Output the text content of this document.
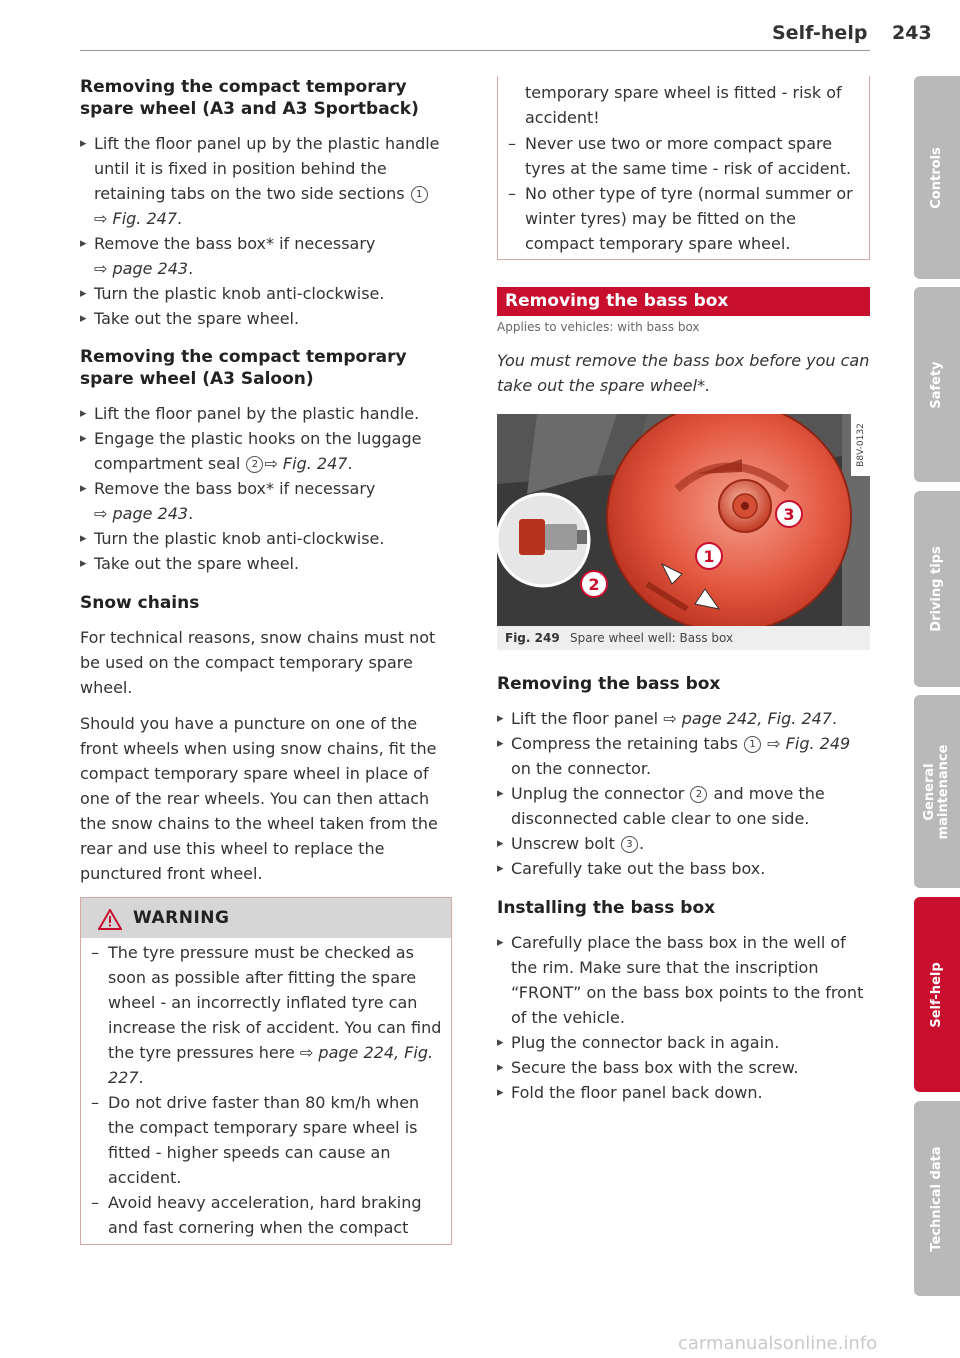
Self-help 243
Removing the compact temporary spare wheel (A3 and A3 Sportback)
▸ Lift the floor panel up by the plastic handle until it is fixed in position behind the retaining tabs on the two side sections 1
⇨ Fig. 247.
▸ Remove the bass box* if necessary
⇨ page 243.
▸ Turn the plastic knob anti-clockwise.
▸ Take out the spare wheel.
Removing the compact temporary spare wheel (A3 Saloon)
▸ Lift the floor panel by the plastic handle.
▸ Engage the plastic hooks on the luggage compartment seal 2 ⇨ Fig. 247.
▸ Remove the bass box* if necessary
⇨ page 243.
▸ Turn the plastic knob anti-clockwise.
▸ Take out the spare wheel.
Snow chains

For technical reasons, snow chains must not be used on the compact temporary spare wheel.

Should you have a puncture on one of the front wheels when using snow chains, fit the compact temporary spare wheel in place of one of the rear wheels. You can then attach the snow chains to the wheel taken from the rear and use this wheel to replace the punctured front wheel.

WARNING
– The tyre pressure must be checked as soon as possible after fitting the spare wheel - an incorrectly inflated tyre can increase the risk of accident. You can find the tyre pressures here ⇨ page 224, Fig. 227.
– Do not drive faster than 80 km/h when the compact temporary spare wheel is fitted - higher speeds can cause an accident.
– Avoid heavy acceleration, hard braking and fast cornering when the compact

temporary spare wheel is fitted - risk of accident!

– Never use two or more compact spare tyres at the same time - risk of accident.
– No other type of tyre (normal summer or winter tyres) may be fitted on the compact temporary spare wheel.
Removing the bass box
Applies to vehicles: with bass box

You must remove the bass box before you can take out the spare wheel*.

3
1
2
B8V-0132
Fig. 249 Spare wheel well: Bass box
Removing the bass box
▸ Lift the floor panel ⇨ page 242, Fig. 247.
▸ Compress the retaining tabs 1 ⇨ Fig. 249 on the connector.
▸ Unplug the connector 2 and move the disconnected cable clear to one side.
▸ Unscrew bolt 3 .
▸ Carefully take out the bass box.
Installing the bass box
▸ Carefully place the bass box in the well of the rim. Make sure that the inscription “FRONT” on the bass box points to the front of the vehicle.
▸ Plug the connector back in again.
▸ Secure the bass box with the screw.
▸ Fold the floor panel back down.
Controls
Safety
Driving tips
General maintenance
Self-help
Technical data
carmanualsonline.info
